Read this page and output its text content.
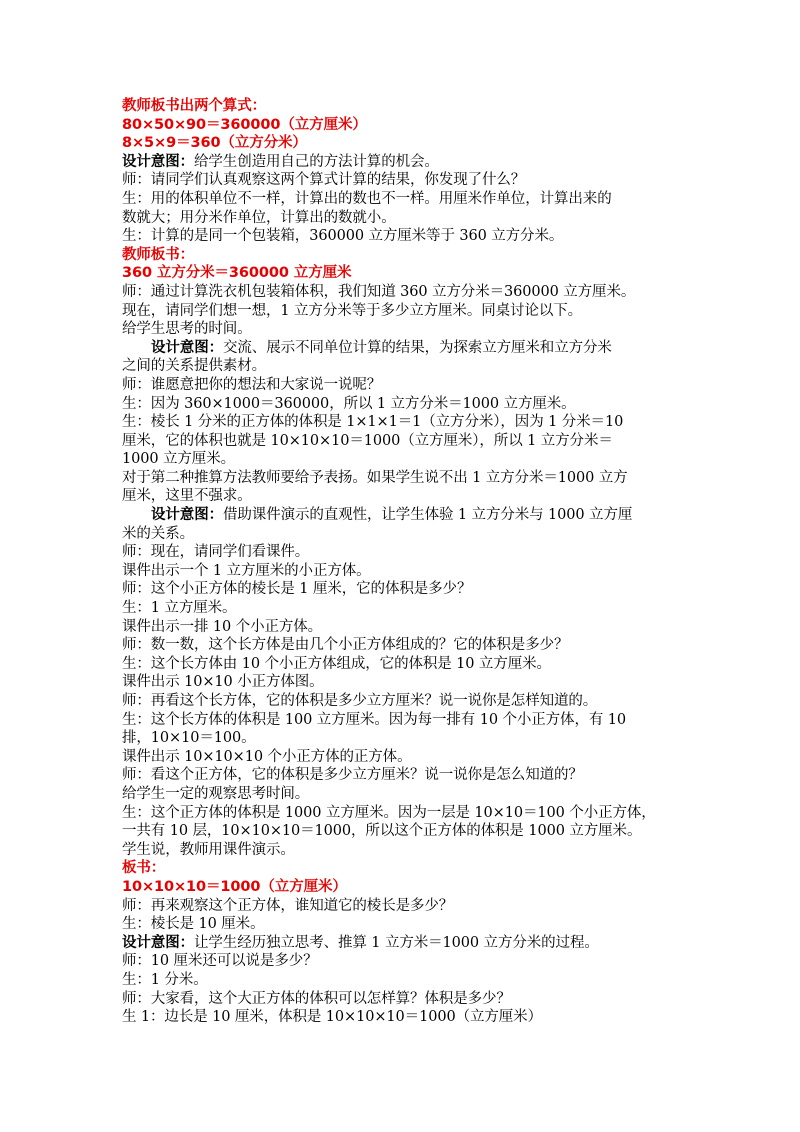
教师板书出两个算式：
80×50×90＝360000（立方厘米）
8×5×9＝360（立方分米）
设计意图：给学生创造用自己的方法计算的机会。
师：请同学们认真观察这两个算式计算的结果，你发现了什么？
生：用的体积单位不一样，计算出的数也不一样。用厘米作单位，计算出来的
数就大；用分米作单位，计算出的数就小。
生：计算的是同一个包装箱，360000 立方厘米等于 360 立方分米。
教师板书：
360 立方分米＝360000 立方厘米
师：通过计算洗衣机包装箱体积，我们知道 360 立方分米＝360000 立方厘米。
现在，请同学们想一想，1 立方分米等于多少立方厘米。同桌讨论以下。
给学生思考的时间。
设计意图：交流、展示不同单位计算的结果，为探索立方厘米和立方分米
之间的关系提供素材。
师：谁愿意把你的想法和大家说一说呢？
生：因为 360×1000＝360000，所以 1 立方分米＝1000 立方厘米。
生：棱长 1 分米的正方体的体积是 1×1×1＝1（立方分米），因为 1 分米＝10
厘米，它的体积也就是 10×10×10＝1000（立方厘米），所以 1 立方分米＝
1000 立方厘米。
对于第二种推算方法教师要给予表扬。如果学生说不出 1 立方分米＝1000 立方
厘米，这里不强求。
设计意图：借助课件演示的直观性，让学生体验 1 立方分米与 1000 立方厘
米的关系。
师：现在，请同学们看课件。
课件出示一个 1 立方厘米的小正方体。
师：这个小正方体的棱长是 1 厘米，它的体积是多少？
生：1 立方厘米。
课件出示一排 10 个小正方体。
师：数一数，这个长方体是由几个小正方体组成的？它的体积是多少？
生：这个长方体由 10 个小正方体组成，它的体积是 10 立方厘米。
课件出示 10×10 小正方体图。
师：再看这个长方体，它的体积是多少立方厘米？说一说你是怎样知道的。
生：这个长方体的体积是 100 立方厘米。因为每一排有 10 个小正方体，有 10
排，10×10＝100。
课件出示 10×10×10 个小正方体的正方体。
师：看这个正方体，它的体积是多少立方厘米？说一说你是怎么知道的？
给学生一定的观察思考时间。
生：这个正方体的体积是 1000 立方厘米。因为一层是 10×10＝100 个小正方体，
一共有 10 层，10×10×10＝1000，所以这个正方体的体积是 1000 立方厘米。
学生说，教师用课件演示。
板书：
10×10×10＝1000（立方厘米）
师：再来观察这个正方体，谁知道它的棱长是多少？
生：棱长是 10 厘米。
设计意图：让学生经历独立思考、推算 1 立方米＝1000 立方分米的过程。
师：10 厘米还可以说是多少？
生：1 分米。
师：大家看，这个大正方体的体积可以怎样算？体积是多少？
生 1：边长是 10 厘米，体积是 10×10×10＝1000（立方厘米）
